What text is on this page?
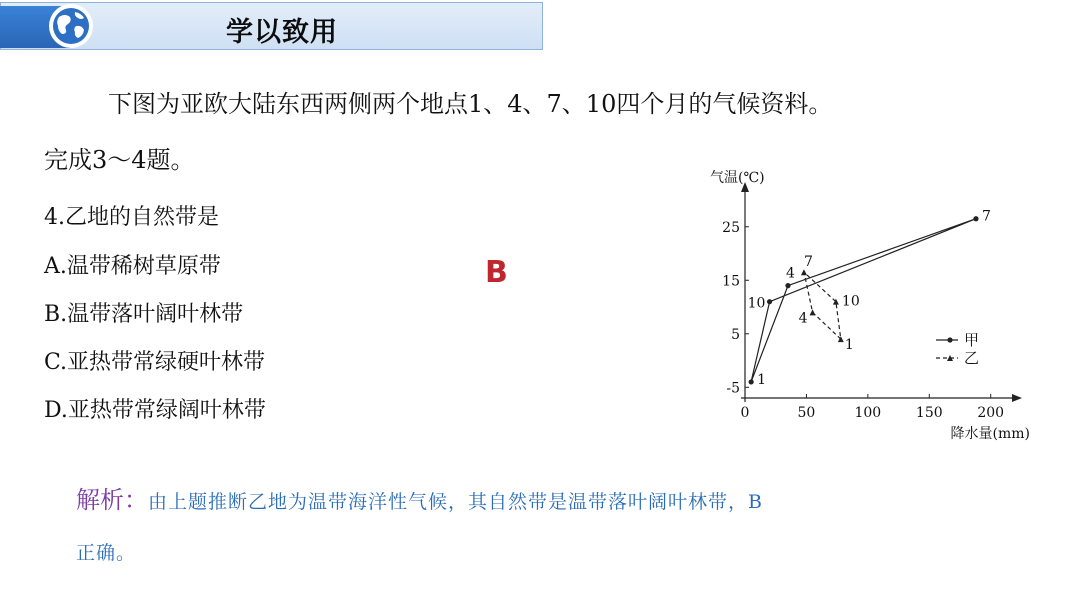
学以致用

下图为亚欧大陆东西两侧两个地点1、4、7、10四个月的气候资料。

完成3～4题。

4.乙地的自然带是

A.温带稀树草原带

B.温带落叶阔叶林带

C.亚热带常绿硬叶林带

D.亚热带常绿阔叶林带

B

气温(℃)
降水量(mm)
-5
5
15
25
0	50	100 150 200
1
4
7
10
1
4
7
10
甲
乙
解析：由上题推断乙地为温带海洋性气候，其自然带是温带落叶阔叶林带，B

正确。
